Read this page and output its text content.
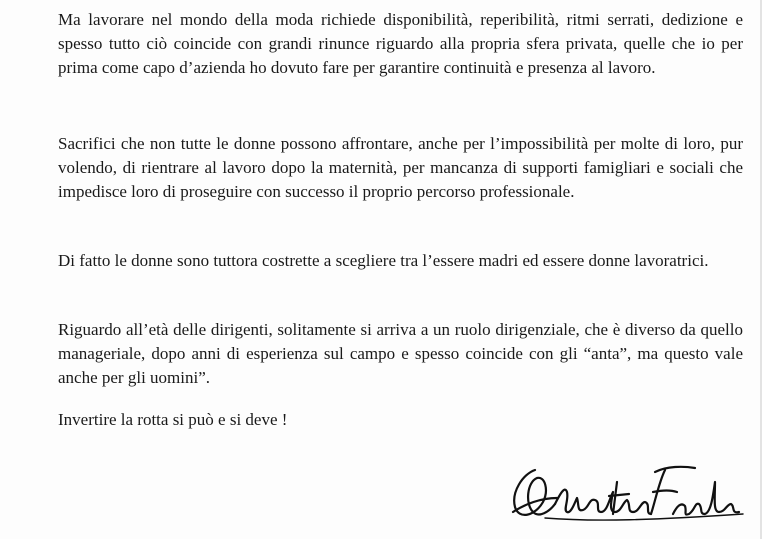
Ma lavorare nel mondo della moda richiede disponibilità, reperibilità, ritmi serrati, dedizione e spesso tutto ciò coincide con grandi rinunce riguardo alla propria sfera privata, quelle che io per prima come capo d’azienda ho dovuto fare per garantire continuità e presenza al lavoro.

Sacrifici che non tutte le donne possono affrontare, anche per l’impossibilità per molte di loro, pur volendo, di rientrare al lavoro dopo la maternità, per mancanza di supporti famigliari e sociali che impedisce loro di proseguire con successo il proprio percorso professionale.

Di fatto le donne sono tuttora costrette a scegliere tra l’essere madri ed essere donne lavoratrici.

Riguardo all’età delle dirigenti, solitamente si arriva a un ruolo dirigenziale, che è diverso da quello manageriale, dopo anni di esperienza sul campo e spesso coincide con gli “anta”, ma questo vale anche per gli uomini”.

Invertire la rotta si può e si deve !
